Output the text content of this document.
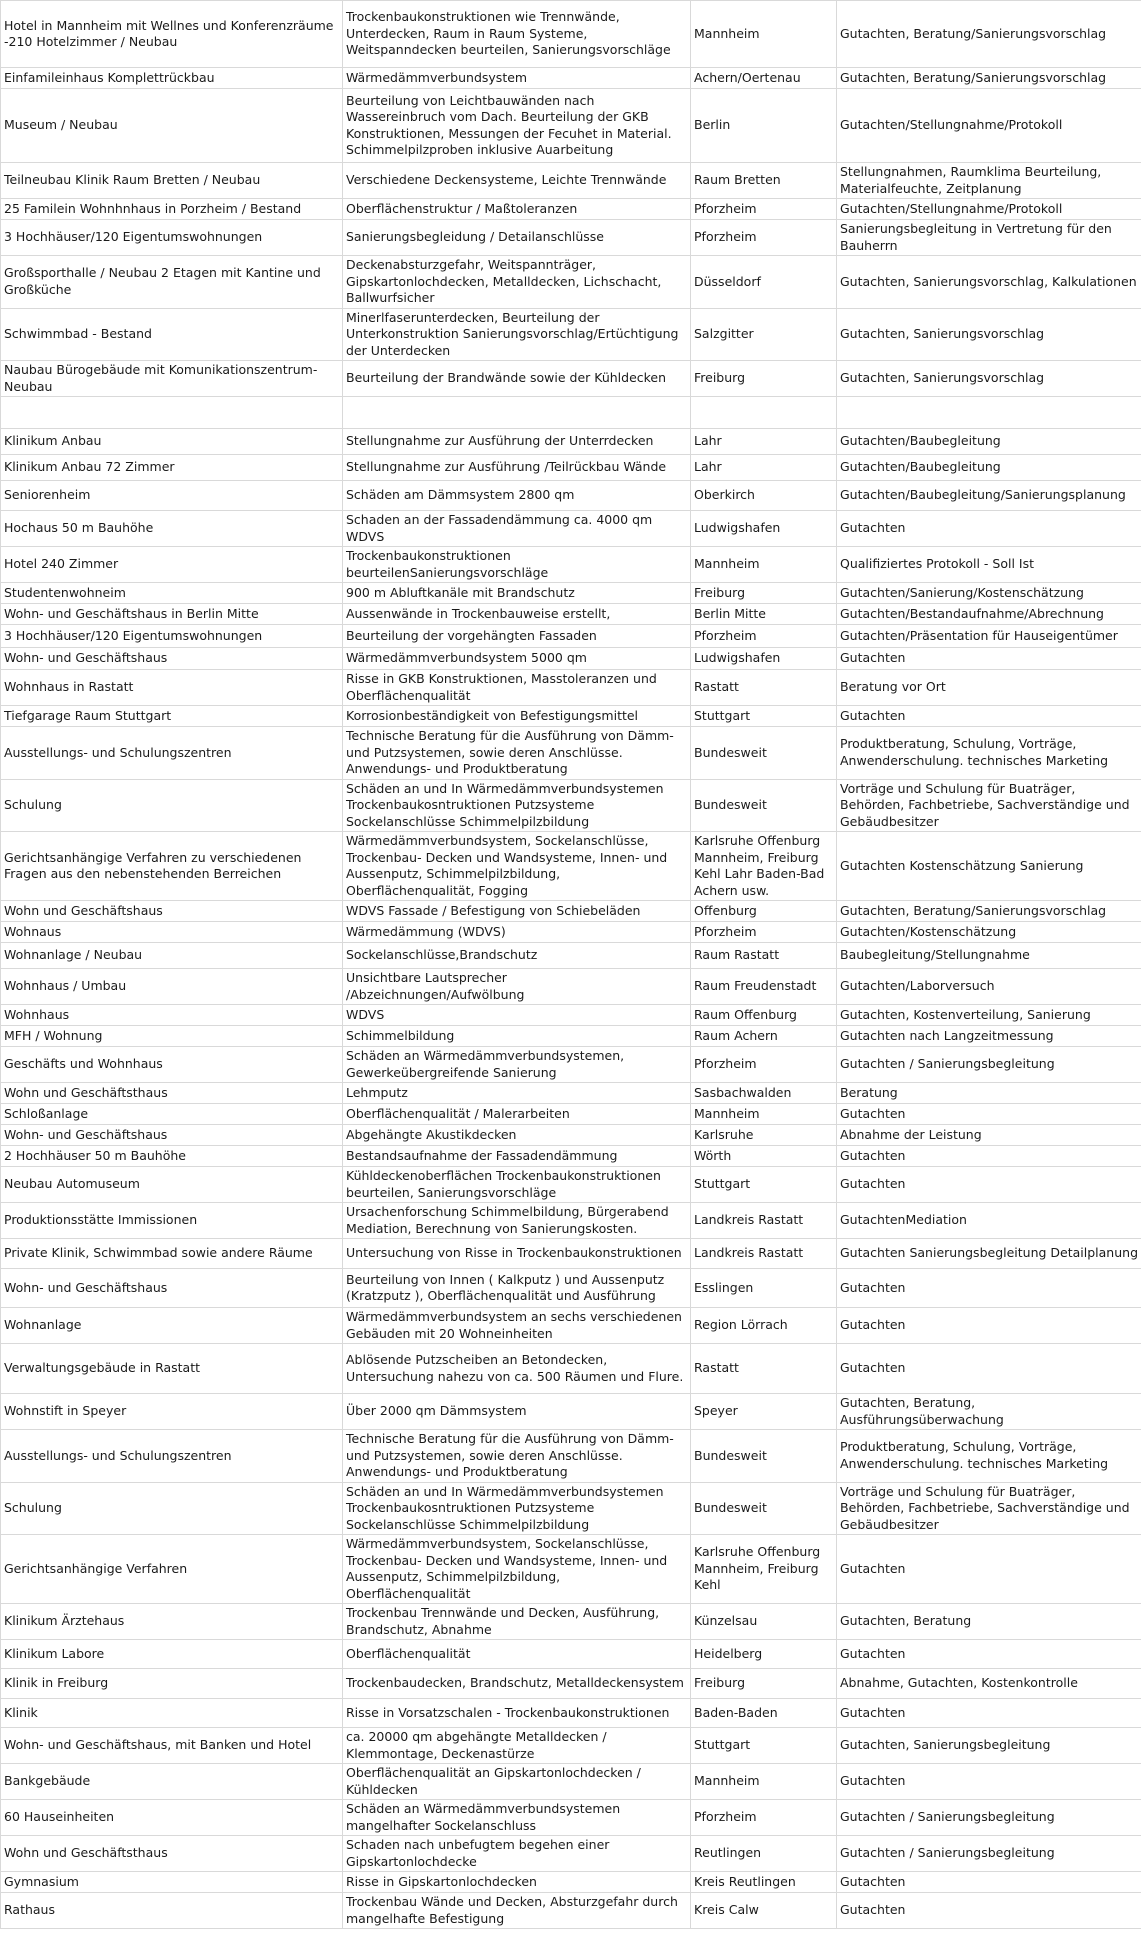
Hotel in Mannheim mit Wellnes und Konferenzräume -210 Hotelzimmer / Neubau	Trockenbaukonstruktionen wie Trennwände, Unterdecken, Raum in Raum Systeme, Weitspanndecken beurteilen, Sanierungsvorschläge	Mannheim	Gutachten, Beratung/Sanierungsvorschlag
Einfamileinhaus Komplettrückbau	Wärmedämmverbundsystem	Achern/Oertenau	Gutachten, Beratung/Sanierungsvorschlag
Museum / Neubau	Beurteilung von Leichtbauwänden nach Wassereinbruch vom Dach. Beurteilung der GKB Konstruktionen, Messungen der Fecuhet in Material. Schimmelpilzproben inklusive Auarbeitung	Berlin	Gutachten/Stellungnahme/Protokoll
Teilneubau Klinik Raum Bretten / Neubau	Verschiedene Deckensysteme, Leichte Trennwände	Raum Bretten	Stellungnahmen, Raumklima Beurteilung, Materialfeuchte, Zeitplanung
25 Familein Wohnhnhaus in Porzheim / Bestand	Oberflächenstruktur / Maßtoleranzen	Pforzheim	Gutachten/Stellungnahme/Protokoll
3 Hochhäuser/120 Eigentumswohnungen	Sanierungsbegleidung / Detailanschlüsse	Pforzheim	Sanierungsbegleitung in Vertretung für den Bauherrn
Großsporthalle / Neubau 2 Etagen mit Kantine und Großküche	Deckenabsturzgefahr, Weitspannträger, Gipskartonlochdecken, Metalldecken, Lichschacht, Ballwurfsicher	Düsseldorf	Gutachten, Sanierungsvorschlag, Kalkulationen
Schwimmbad - Bestand	Minerlfaserunterdecken, Beurteilung der Unterkonstruktion Sanierungsvorschlag/Ertüchtigung der Unterdecken	Salzgitter	Gutachten, Sanierungsvorschlag
Naubau Bürogebäude mit Komunikationszentrum-Neubau	Beurteilung der Brandwände sowie der Kühldecken	Freiburg	Gutachten, Sanierungsvorschlag

Klinikum Anbau	Stellungnahme zur Ausführung der Unterrdecken	Lahr	Gutachten/Baubegleitung
Klinikum Anbau 72 Zimmer	Stellungnahme zur Ausführung /Teilrückbau Wände	Lahr	Gutachten/Baubegleitung
Seniorenheim	Schäden am Dämmsystem 2800 qm	Oberkirch	Gutachten/Baubegleitung/Sanierungsplanung
Hochaus 50 m Bauhöhe	Schaden an der Fassadendämmung ca. 4000 qm WDVS	Ludwigshafen	Gutachten
Hotel 240 Zimmer	Trockenbaukonstruktionen beurteilenSanierungsvorschläge	Mannheim	Qualifiziertes Protokoll - Soll Ist
Studentenwohneim	900 m Abluftkanäle mit Brandschutz	Freiburg	Gutachten/Sanierung/Kostenschätzung
Wohn- und Geschäftshaus in Berlin Mitte	Aussenwände in Trockenbauweise erstellt,	Berlin Mitte	Gutachten/Bestandaufnahme/Abrechnung
3 Hochhäuser/120 Eigentumswohnungen	Beurteilung der vorgehängten Fassaden	Pforzheim	Gutachten/Präsentation für Hauseigentümer
Wohn- und Geschäftshaus	Wärmedämmverbundsystem 5000 qm	Ludwigshafen	Gutachten
Wohnhaus in Rastatt	Risse in GKB Konstruktionen, Masstoleranzen und Oberflächenqualität	Rastatt	Beratung vor Ort
Tiefgarage Raum Stuttgart	Korrosionbeständigkeit von Befestigungsmittel	Stuttgart	Gutachten
Ausstellungs- und Schulungszentren	Technische Beratung für die Ausführung von Dämm- und Putzsystemen, sowie deren Anschlüsse. Anwendungs- und Produktberatung	Bundesweit	Produktberatung, Schulung, Vorträge, Anwenderschulung. technisches Marketing
Schulung	Schäden an und In Wärmedämmverbundsystemen Trockenbaukosntruktionen Putzsysteme Sockelanschlüsse Schimmelpilzbildung	Bundesweit	Vorträge und Schulung für Buaträger, Behörden, Fachbetriebe, Sachverständige und Gebäudbesitzer
Gerichtsanhängige Verfahren zu verschiedenen Fragen aus den nebenstehenden Berreichen	Wärmedämmverbundsystem, Sockelanschlüsse, Trockenbau- Decken und Wandsysteme, Innen- und Aussenputz, Schimmelpilzbildung, Oberflächenqualität, Fogging	Karlsruhe Offenburg Mannheim, Freiburg Kehl Lahr Baden-Bad Achern usw.	Gutachten Kostenschätzung Sanierung
Wohn und Geschäftshaus	WDVS Fassade / Befestigung von Schiebeläden	Offenburg	Gutachten, Beratung/Sanierungsvorschlag
Wohnaus	Wärmedämmung (WDVS)	Pforzheim	Gutachten/Kostenschätzung
Wohnanlage / Neubau	Sockelanschlüsse,Brandschutz	Raum Rastatt	Baubegleitung/Stellungnahme
Wohnhaus / Umbau	Unsichtbare Lautsprecher /Abzeichnungen/Aufwölbung	Raum Freudenstadt	Gutachten/Laborversuch
Wohnhaus	WDVS	Raum Offenburg	Gutachten, Kostenverteilung, Sanierung
MFH / Wohnung	Schimmelbildung	Raum Achern	Gutachten nach Langzeitmessung
Geschäfts und Wohnhaus	Schäden an Wärmedämmverbundsystemen, Gewerkeübergreifende Sanierung	Pforzheim	Gutachten / Sanierungsbegleitung
Wohn und Geschäftsthaus	Lehmputz	Sasbachwalden	Beratung
Schloßanlage	Oberflächenqualität / Malerarbeiten	Mannheim	Gutachten
Wohn- und Geschäftshaus	Abgehängte Akustikdecken	Karlsruhe	Abnahme der Leistung
2 Hochhäuser 50 m Bauhöhe	Bestandsaufnahme der Fassadendämmung	Wörth	Gutachten
Neubau Automuseum	Kühldeckenoberflächen Trockenbaukonstruktionen beurteilen, Sanierungsvorschläge	Stuttgart	Gutachten
Produktionsstätte Immissionen	Ursachenforschung Schimmelbildung, Bürgerabend Mediation, Berechnung von Sanierungskosten.	Landkreis Rastatt	GutachtenMediation
Private Klinik, Schwimmbad sowie andere Räume	Untersuchung von Risse in Trockenbaukonstruktionen	Landkreis Rastatt	Gutachten Sanierungsbegleitung Detailplanung
Wohn- und Geschäftshaus	Beurteilung von Innen ( Kalkputz ) und Aussenputz (Kratzputz ), Oberflächenqualität und Ausführung	Esslingen	Gutachten
Wohnanlage	Wärmedämmverbundsystem an sechs verschiedenen Gebäuden mit 20 Wohneinheiten	Region Lörrach	Gutachten
Verwaltungsgebäude in Rastatt	Ablösende Putzscheiben an Betondecken, Untersuchung nahezu von ca. 500 Räumen und Flure.	Rastatt	Gutachten
Wohnstift in Speyer	Über 2000 qm Dämmsystem	Speyer	Gutachten, Beratung, Ausführungsüberwachung
Ausstellungs- und Schulungszentren	Technische Beratung für die Ausführung von Dämm- und Putzsystemen, sowie deren Anschlüsse. Anwendungs- und Produktberatung	Bundesweit	Produktberatung, Schulung, Vorträge, Anwenderschulung. technisches Marketing
Schulung	Schäden an und In Wärmedämmverbundsystemen Trockenbaukosntruktionen Putzsysteme Sockelanschlüsse Schimmelpilzbildung	Bundesweit	Vorträge und Schulung für Buaträger, Behörden, Fachbetriebe, Sachverständige und Gebäudbesitzer
Gerichtsanhängige Verfahren	Wärmedämmverbundsystem, Sockelanschlüsse, Trockenbau- Decken und Wandsysteme, Innen- und Aussenputz, Schimmelpilzbildung, Oberflächenqualität	Karlsruhe Offenburg Mannheim, Freiburg Kehl	Gutachten
Klinikum Ärztehaus	Trockenbau Trennwände und Decken, Ausführung, Brandschutz, Abnahme	Künzelsau	Gutachten, Beratung
Klinikum Labore	Oberflächenqualität	Heidelberg	Gutachten
Klinik in Freiburg	Trockenbaudecken, Brandschutz, Metalldeckensystem	Freiburg	Abnahme, Gutachten, Kostenkontrolle
Klinik	Risse in Vorsatzschalen - Trockenbaukonstruktionen	Baden-Baden	Gutachten
Wohn- und Geschäftshaus, mit Banken und Hotel	ca. 20000 qm abgehängte Metalldecken / Klemmontage, Deckenastürze	Stuttgart	Gutachten, Sanierungsbegleitung
Bankgebäude	Oberflächenqualität an Gipskartonlochdecken / Kühldecken	Mannheim	Gutachten
60 Hauseinheiten	Schäden an Wärmedämmverbundsystemen mangelhafter Sockelanschluss	Pforzheim	Gutachten / Sanierungsbegleitung
Wohn und Geschäftsthaus	Schaden nach unbefugtem begehen einer Gipskartonlochdecke	Reutlingen	Gutachten / Sanierungsbegleitung
Gymnasium	Risse in Gipskartonlochdecken	Kreis Reutlingen	Gutachten
Rathaus	Trockenbau Wände und Decken, Absturzgefahr durch mangelhafte Befestigung	Kreis Calw	Gutachten
